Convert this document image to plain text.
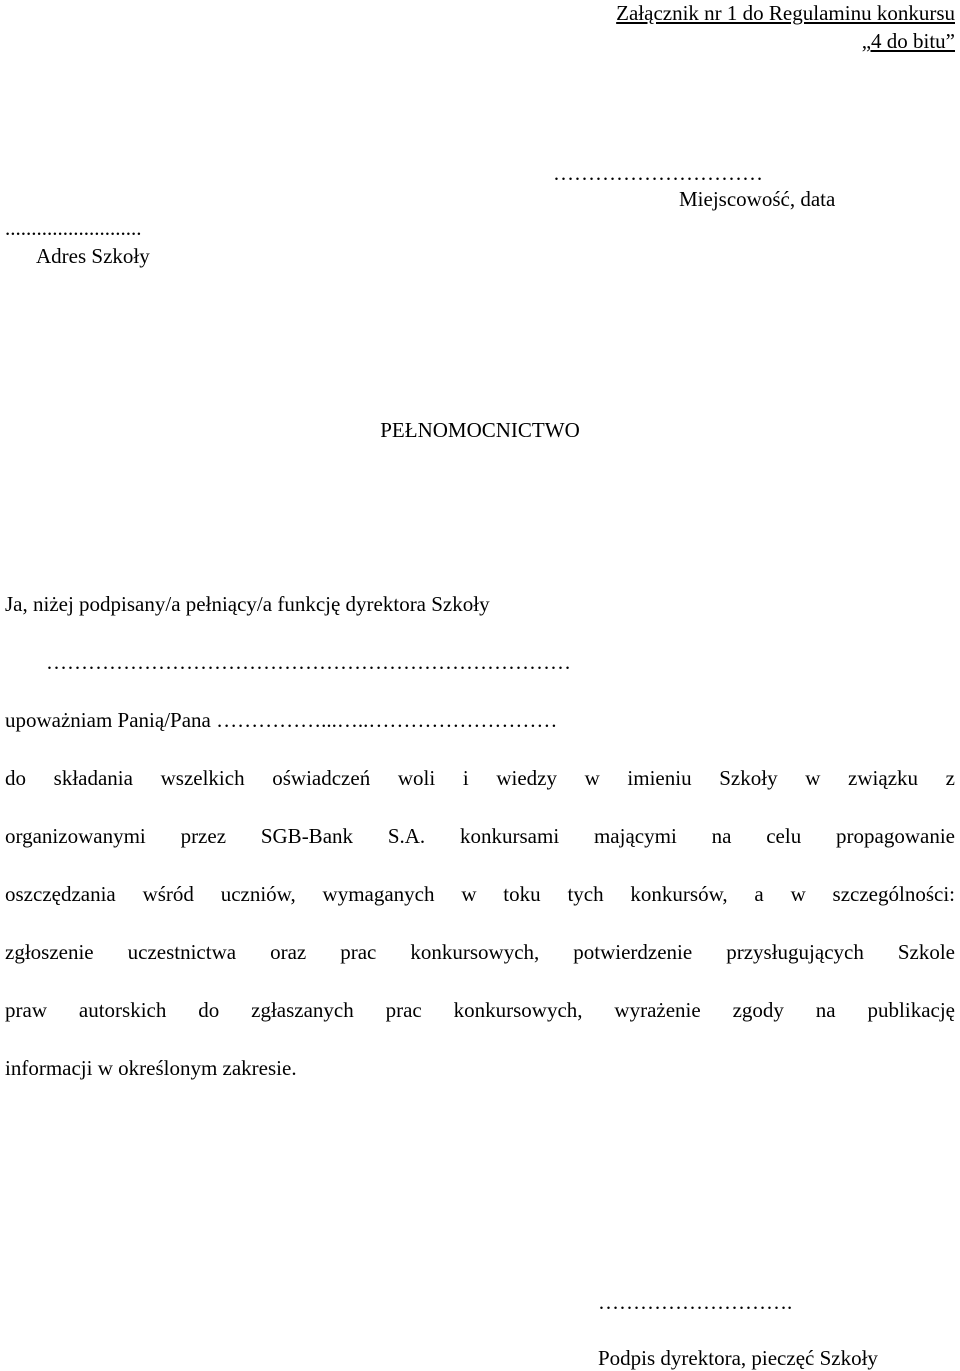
Załącznik nr 1 do Regulaminu konkursu
„4 do bitu”
…………………………
Miejscowość, data
..........................
Adres Szkoły
PEŁNOMOCNICTWO
Ja, niżej podpisany/a pełniący/a funkcję dyrektora Szkoły
…………………………………………………………………
upoważniam Panią/Pana ……………...…..………………………
do składania wszelkich oświadczeń woli i wiedzy w imieniu Szkoły w związku z
organizowanymi przez SGB-Bank S.A. konkursami mającymi na celu propagowanie
oszczędzania wśród uczniów, wymaganych w toku tych konkursów, a w szczególności:
zgłoszenie uczestnictwa oraz prac konkursowych, potwierdzenie przysługujących Szkole
praw autorskich do zgłaszanych prac konkursowych, wyrażenie zgody na publikację
informacji w określonym zakresie.
……………………….
Podpis dyrektora, pieczęć Szkoły
